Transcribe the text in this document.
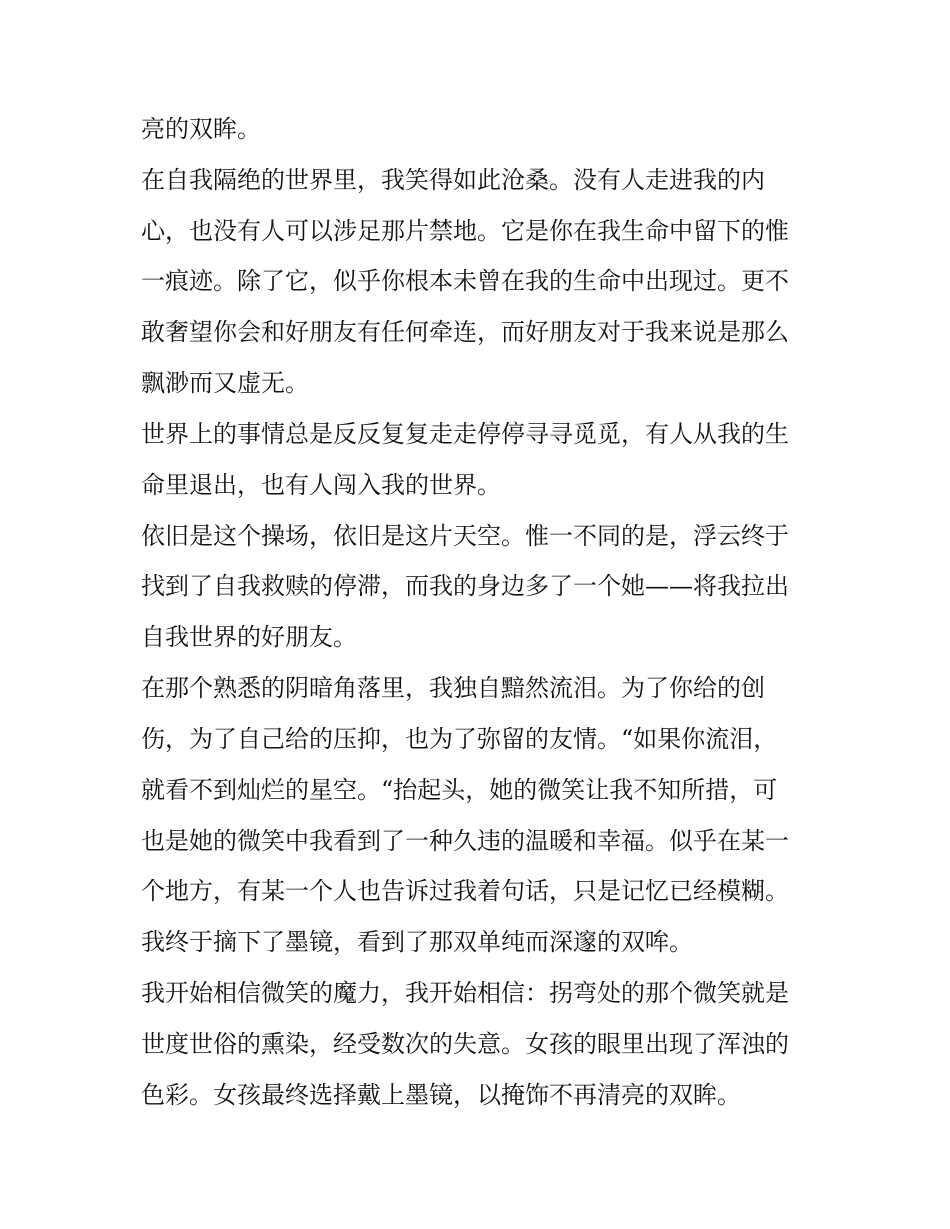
亮的双眸。

在自我隔绝的世界里，我笑得如此沧桑。没有人走进我的内

心，也没有人可以涉足那片禁地。它是你在我生命中留下的惟

一痕迹。除了它，似乎你根本未曾在我的生命中出现过。更不

敢奢望你会和好朋友有任何牵连，而好朋友对于我来说是那么

飘渺而又虚无。

世界上的事情总是反反复复走走停停寻寻觅觅，有人从我的生

命里退出，也有人闯入我的世界。

依旧是这个操场，依旧是这片天空。惟一不同的是，浮云终于

找到了自我救赎的停滞，而我的身边多了一个她——将我拉出

自我世界的好朋友。

在那个熟悉的阴暗角落里，我独自黯然流泪。为了你给的创

伤，为了自己给的压抑，也为了弥留的友情。“如果你流泪，

就看不到灿烂的星空。“抬起头，她的微笑让我不知所措，可

也是她的微笑中我看到了一种久违的温暖和幸福。似乎在某一

个地方，有某一个人也告诉过我着句话，只是记忆已经模糊。

我终于摘下了墨镜，看到了那双单纯而深邃的双哞。

我开始相信微笑的魔力，我开始相信：拐弯处的那个微笑就是

世度世俗的熏染，经受数次的失意。女孩的眼里出现了浑浊的

色彩。女孩最终选择戴上墨镜，以掩饰不再清亮的双眸。
